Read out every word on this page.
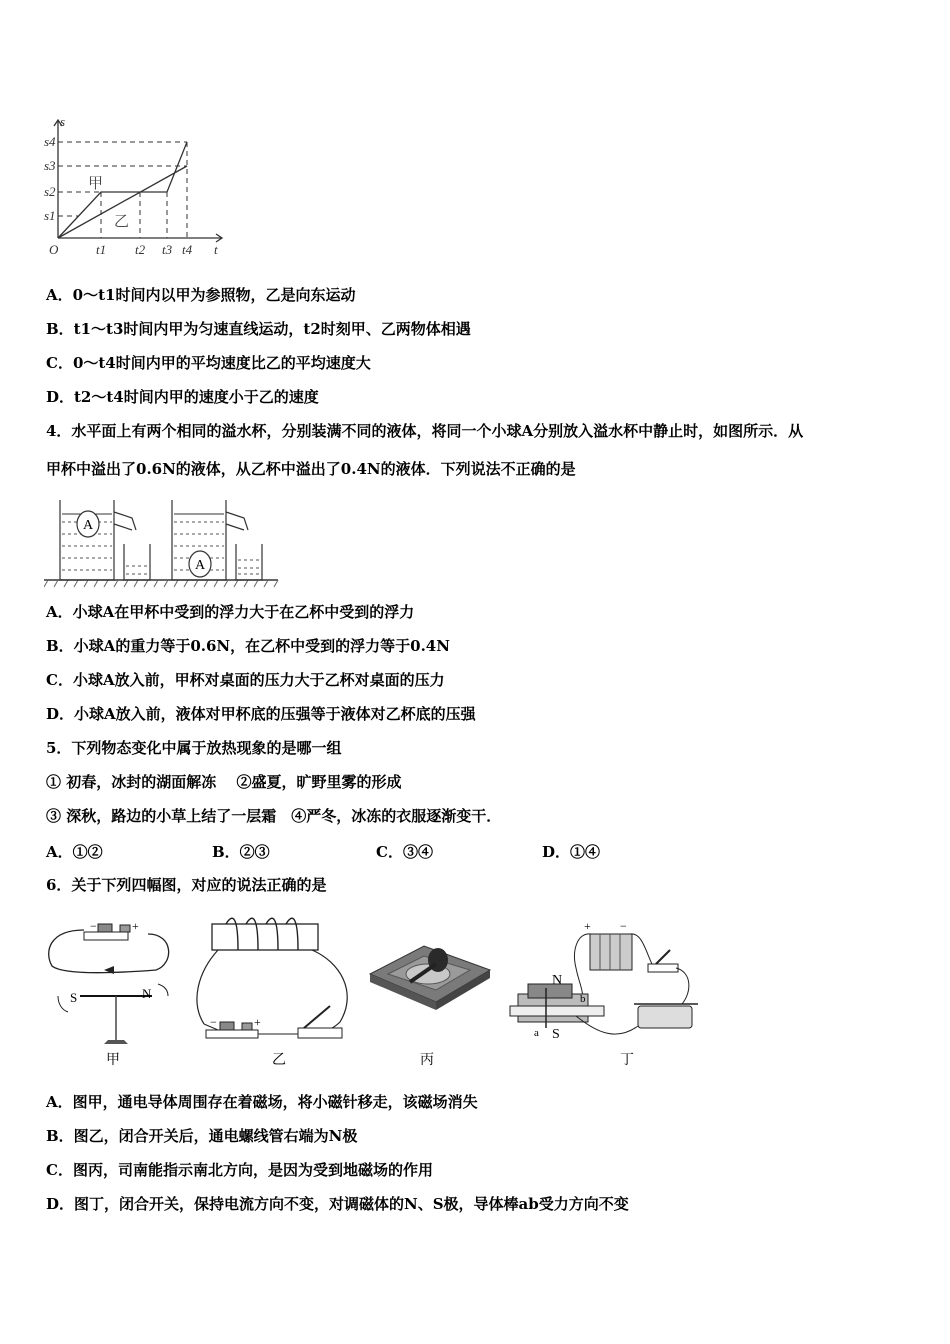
s
s1
s2
s3
s4
O	t1 t2 t3 t4 t
甲
乙
A．0～t1时间内以甲为参照物，乙是向东运动
B．t1～t3时间内甲为匀速直线运动，t2时刻甲、乙两物体相遇
C．0～t4时间内甲的平均速度比乙的平均速度大
D．t2～t4时间内甲的速度小于乙的速度
4．水平面上有两个相同的溢水杯，分别装满不同的液体，将同一个小球A分别放入溢水杯中静止时，如图所示．从
甲杯中溢出了0.6N的液体，从乙杯中溢出了0.4N的液体．下列说法不正确的是
A
A
A．小球A在甲杯中受到的浮力大于在乙杯中受到的浮力
B．小球A的重力等于0.6N，在乙杯中受到的浮力等于0.4N
C．小球A放入前，甲杯对桌面的压力大于乙杯对桌面的压力
D．小球A放入前，液体对甲杯底的压强等于液体对乙杯底的压强
5．下列物态变化中属于放热现象的是哪一组
① 初春，冰封的湖面解冻　 ②盛夏，旷野里雾的形成
③ 深秋，路边的小草上结了一层霜　④严冬，冰冻的衣服逐渐变干．
A．①②	B．②③	C．③④	D．①④
6．关于下列四幅图，对应的说法正确的是
−	+
S	N
甲
−	+
乙	丙
+ −
N
S
a
b
丁
A．图甲，通电导体周围存在着磁场，将小磁针移走，该磁场消失
B．图乙，闭合开关后，通电螺线管右端为N极
C．图丙，司南能指示南北方向，是因为受到地磁场的作用
D．图丁，闭合开关，保持电流方向不变，对调磁体的N、S极，导体棒ab受力方向不变
